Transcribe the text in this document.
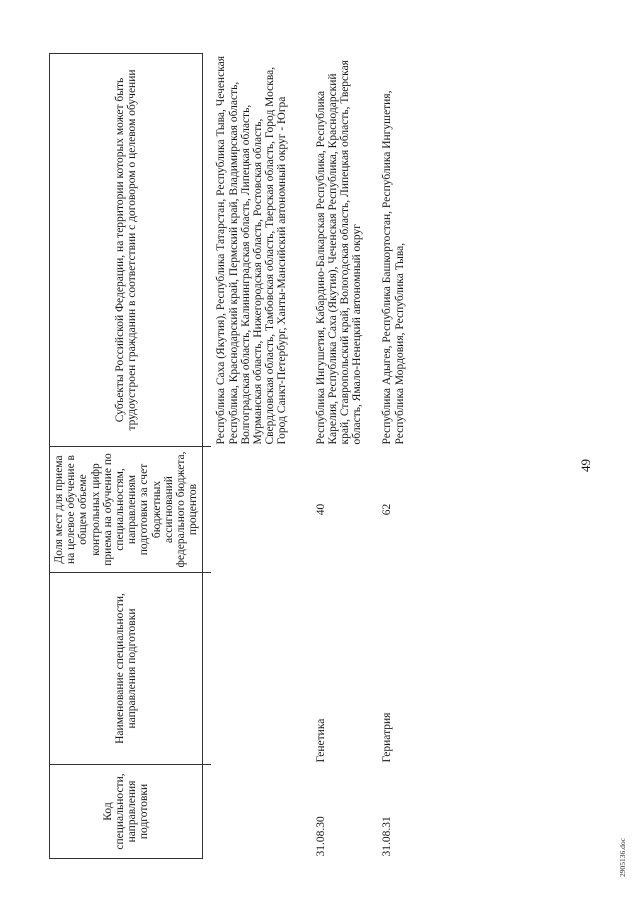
49
Код специальности, направления подготовки	Наименование специальности, направления подготовки	Доля мест для приема на целевое обучение в общем объеме контрольных цифр приема на обучение по специальностям, направлениям подготовки за счет бюджетных ассигнований федерального бюджета, процентов	Субъекты Российской Федерации, на территории которых может быть трудоустроен гражданин в соответствии с договором о целевом обучении

			Республика Саха (Якутия), Республика Татарстан, Республика Тыва, Чеченская Республика, Краснодарский край, Пермский край, Владимирская область, Волгоградская область, Калининградская область, Липецкая область, Мурманская область, Нижегородская область, Ростовская область, Свердловская область, Тамбовская область, Тверская область, Город Москва, Город Санкт-Петербург, Ханты-Мансийский автономный округ - Югра
31.08.30	Генетика	40	Республика Ингушетия, Кабардино-Балкарская Республика, Республика Карелия, Республика Саха (Якутия), Чеченская Республика, Краснодарский край, Ставропольский край, Вологодская область, Липецкая область, Тверская область, Ямало-Ненецкий автономный округ
31.08.31	Гериатрия	62	Республика Адыгея, Республика Башкортостан, Республика Ингушетия, Республика Мордовия, Республика Тыва,
2905136.doc
